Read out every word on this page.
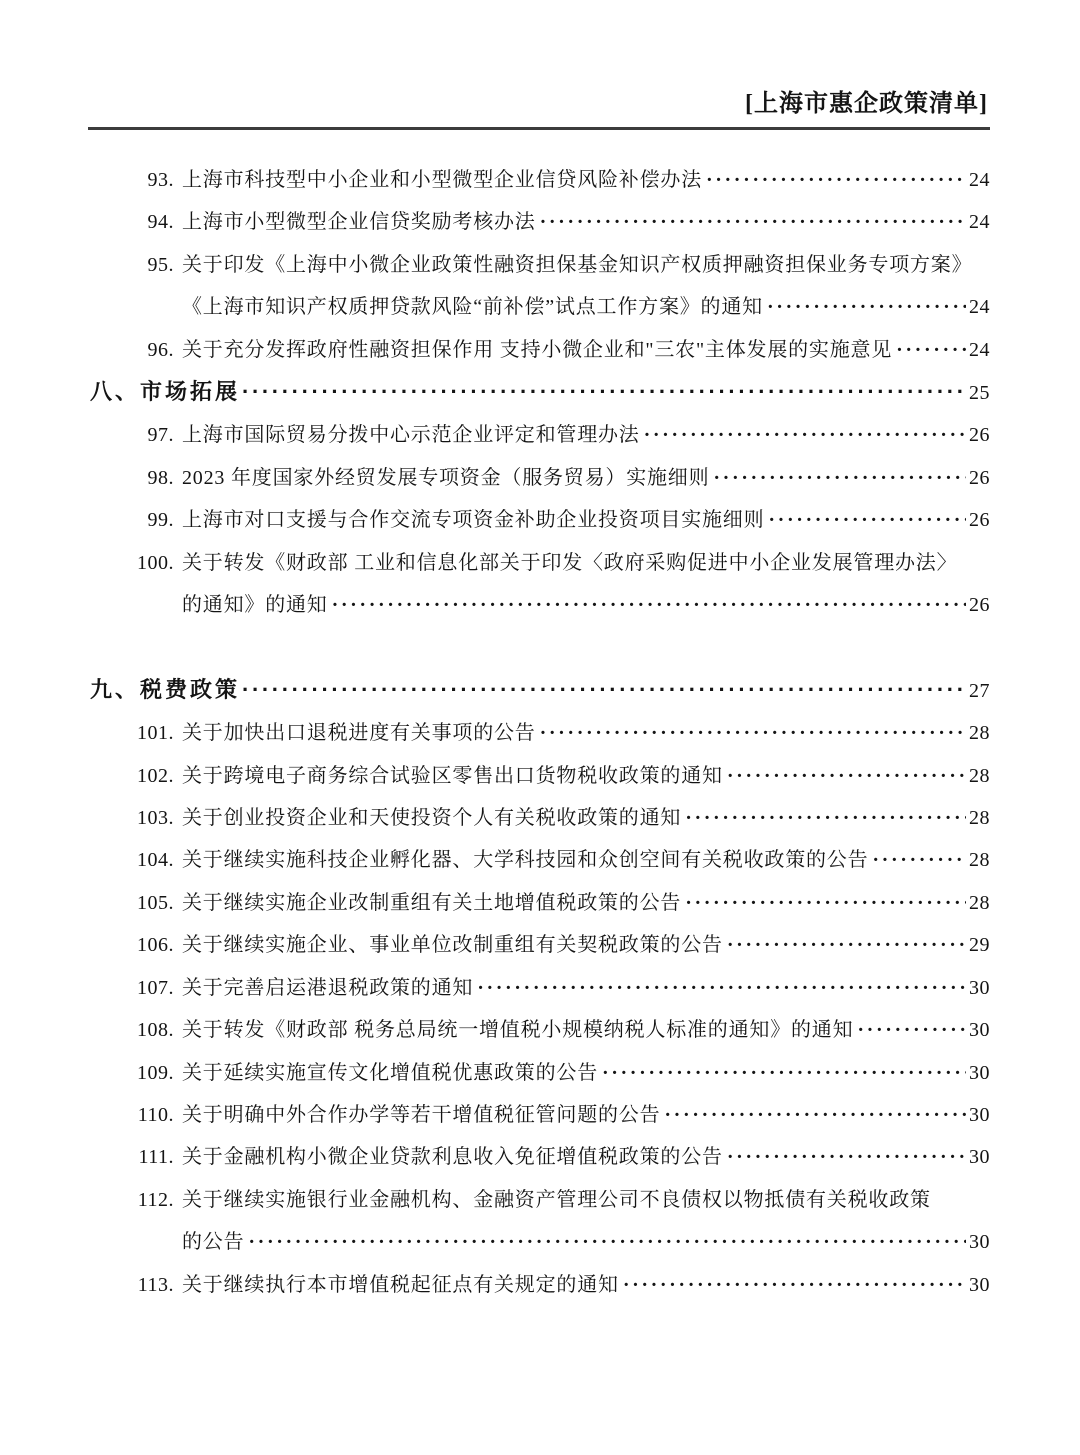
[上海市惠企政策清单]
93. 上海市科技型中小企业和小型微型企业信贷风险补偿办法 ·····	24
94. 上海市小型微型企业信贷奖励考核办法 ·····	24
95. 关于印发《上海中小微企业政策性融资担保基金知识产权质押融资担保业务专项方案》
《上海市知识产权质押贷款风险“前补偿”试点工作方案》的通知 ·····	24
96. 关于充分发挥政府性融资担保作用 支持小微企业和"三农"主体发展的实施意见 ·····	24
八、 市场拓展 ·····	25
97. 上海市国际贸易分拨中心示范企业评定和管理办法 ·····	26
98. 2023 年度国家外经贸发展专项资金（服务贸易）实施细则 ·····	26
99. 上海市对口支援与合作交流专项资金补助企业投资项目实施细则 ·····	26
100. 关于转发《财政部 工业和信息化部关于印发〈政府采购促进中小企业发展管理办法〉
的通知》的通知 ·····	26
九、 税费政策 ·····	27
101. 关于加快出口退税进度有关事项的公告 ·····	28
102. 关于跨境电子商务综合试验区零售出口货物税收政策的通知 ·····	28
103. 关于创业投资企业和天使投资个人有关税收政策的通知 ·····	28
104. 关于继续实施科技企业孵化器、大学科技园和众创空间有关税收政策的公告 ·····	28
105. 关于继续实施企业改制重组有关土地增值税政策的公告 ·····	28
106. 关于继续实施企业、事业单位改制重组有关契税政策的公告 ·····	29
107. 关于完善启运港退税政策的通知 ·····	30
108. 关于转发《财政部 税务总局统一增值税小规模纳税人标准的通知》的通知 ·····	30
109. 关于延续实施宣传文化增值税优惠政策的公告 ·····	30
110. 关于明确中外合作办学等若干增值税征管问题的公告 ·····	30
111. 关于金融机构小微企业贷款利息收入免征增值税政策的公告 ·····	30
112. 关于继续实施银行业金融机构、金融资产管理公司不良债权以物抵债有关税收政策
的公告 ·····	30
113. 关于继续执行本市增值税起征点有关规定的通知 ·····	30
